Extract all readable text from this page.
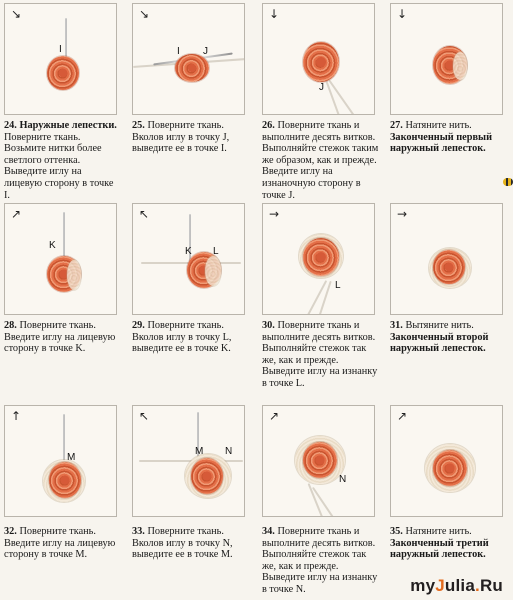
↘
I
24. Наружные лепестки. Поверните ткань. Возьмите нитки более светлого оттенка. Выведите иглу на лицевую сторону в точке I.
↘
I J
25. Поверните ткань. Вколов иглу в точку J, выведите ее в точке I.
↓
J
26. Поверните ткань и выполните десять витков. Выполняйте стежок таким же образом, как и прежде. Введите иглу на изнаночную сторону в точке J.
↓
27. Натяните нить. Законченный первый наружный лепесток.
↗
K
28. Поверните ткань. Введите иглу на лицевую сторону в точке K.
↖
K L
29. Поверните ткань. Вколов иглу в точку L, выведите ее в точке K.
→
L
30. Поверните ткань и выполните десять витков. Выполняйте стежок так же, как и прежде. Выведите иглу на изнанку в точке L.
→
31. Вытяните нить. Законченный второй наружный лепесток.
↑
M
32. Поверните ткань. Введите иглу на лицевую сторону в точке M.
↖
M N
33. Поверните ткань. Вколов иглу в точку N, выведите ее в точке M.
↗
N
34. Поверните ткань и выполните десять витков. Выполняйте стежок так же, как и прежде. Выведите иглу на изнанку в точке N.
↗
35. Натяните нить. Законченный третий наружный лепесток.
myJulia.Ru
